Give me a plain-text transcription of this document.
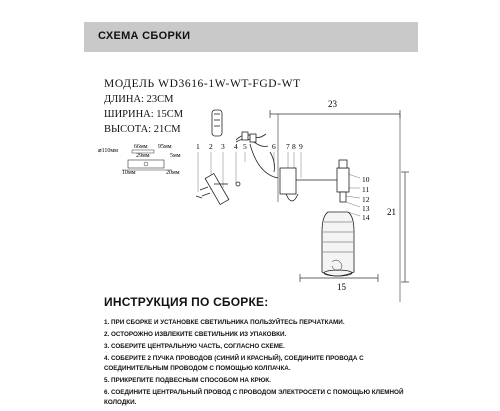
СХЕМА СБОРКИ
МОДЕЛЬ WD3616-1W-WT-FGD-WT
ДЛИНА: 23СМ
ШИРИНА: 15СМ
ВЫСОТА: 21СМ
23
21
⌀110мм
66мм 95мм
29мм	5мм
10мм	20мм
1 2 3 4 5	6 7 8 9
10
11
12
13
14
15
ИНСТРУКЦИЯ ПО СБОРКЕ:
1. ПРИ СБОРКЕ И УСТАНОВКЕ СВЕТИЛЬНИКА ПОЛЬЗУЙТЕСЬ ПЕРЧАТКАМИ.
2. ОСТОРОЖНО ИЗВЛЕКИТЕ СВЕТИЛЬНИК ИЗ УПАКОВКИ.
3. СОБЕРИТЕ ЦЕНТРАЛЬНУЮ ЧАСТЬ, СОГЛАСНО СХЕМЕ.
4. СОБЕРИТЕ 2 ПУЧКА ПРОВОДОВ (СИНИЙ И КРАСНЫЙ), СОЕДИНИТЕ ПРОВОДА С СОЕДИНИТЕЛЬНЫМ ПРОВОДОМ С ПОМОЩЬЮ КОЛПАЧКА.
5. ПРИКРЕПИТЕ ПОДВЕСНЫМ СПОСОБОМ НА КРЮК.
6. СОЕДИНИТЕ ЦЕНТРАЛЬНЫЙ ПРОВОД С ПРОВОДОМ ЭЛЕКТРОСЕТИ С ПОМОЩЬЮ КЛЕМНОЙ КОЛОДКИ.
